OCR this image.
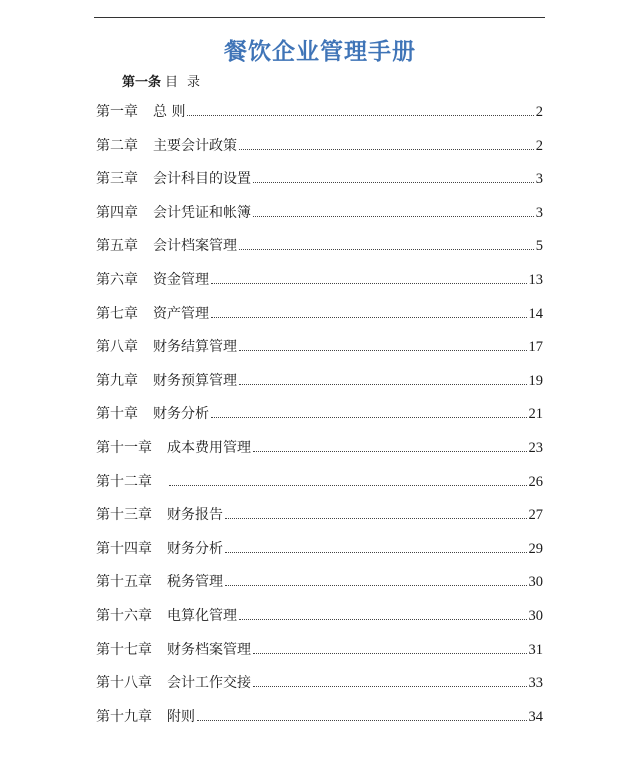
餐饮企业管理手册
第一条 目录
第一章 总 则	2
第二章 主要会计政策	2
第三章 会计科目的设置	3
第四章 会计凭证和帐簿	3
第五章 会计档案管理	5
第六章 资金管理	13
第七章 资产管理	14
第八章 财务结算管理	17
第九章 财务预算管理	19
第十章 财务分析	21
第十一章 成本费用管理	23
第十二章	26
第十三章 财务报告	27
第十四章 财务分析	29
第十五章 税务管理	30
第十六章 电算化管理	30
第十七章 财务档案管理	31
第十八章 会计工作交接	33
第十九章 附则	34
